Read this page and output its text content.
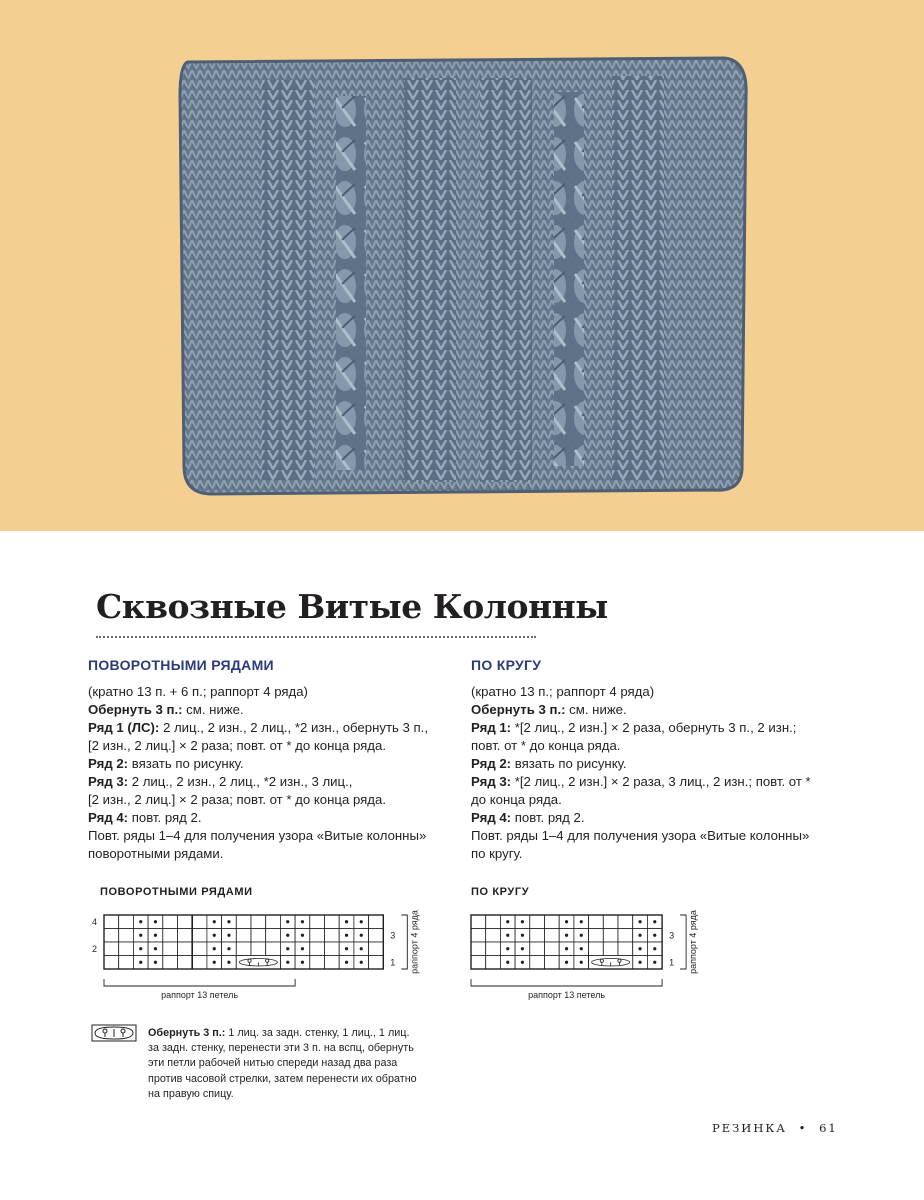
Сквозные Витые Колонны
ПОВОРОТНЫМИ РЯДАМИ

(кратно 13 п. + 6 п.; раппорт 4 ряда)

Обернуть 3 п.: см. ниже.

Ряд 1 (ЛС): 2 лиц., 2 изн., 2 лиц., *2 изн., обернуть 3 п.,

[2 изн., 2 лиц.] × 2 раза; повт. от * до конца ряда.

Ряд 2: вязать по рисунку.

Ряд 3: 2 лиц., 2 изн., 2 лиц., *2 изн., 3 лиц.,

[2 изн., 2 лиц.] × 2 раза; повт. от * до конца ряда.

Ряд 4: повт. ряд 2.

Повт. ряды 1–4 для получения узора «Витые колонны»

поворотными рядами.

ПО КРУГУ

(кратно 13 п.; раппорт 4 ряда)

Обернуть 3 п.: см. ниже.

Ряд 1: *[2 лиц., 2 изн.] × 2 раза, обернуть 3 п., 2 изн.;

повт. от * до конца ряда.

Ряд 2: вязать по рисунку.

Ряд 3: *[2 лиц., 2 изн.] × 2 раза, 3 лиц., 2 изн.; повт. от *

до конца ряда.

Ряд 4: повт. ряд 2.

Повт. ряды 1–4 для получения узора «Витые колонны»

по кругу.

ПОВОРОТНЫМИ РЯДАМИ
4
2
3
1 раппорт 4 ряда
раппорт 13 петель
ПО КРУГУ
3
1 раппорт 4 ряда
раппорт 13 петель

Обернуть 3 п.: 1 лиц. за задн. стенку, 1 лиц., 1 лиц.

за задн. стенку, перенести эти 3 п. на вспц, обернуть

эти петли рабочей нитью спереди назад два раза

против часовой стрелки, затем перенести их обратно

на правую спицу.

РЕЗИНКА • 61
